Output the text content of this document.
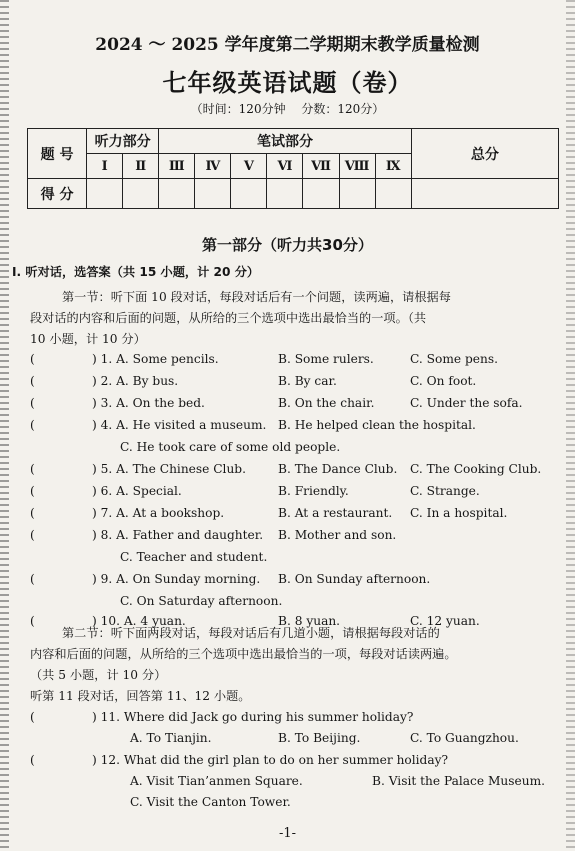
2024 ～ 2025 学年度第二学期期末教学质量检测
七年级英语试题（卷）
（时间：120分钟 分数：120分）
题 号	听力部分		笔试部分							总分
	Ⅰ	Ⅱ	Ⅲ	Ⅳ	Ⅴ	Ⅵ	Ⅶ	Ⅷ	Ⅸ	
得 分										
第一部分（听力共30分）
Ⅰ. 听对话，选答案（共 15 小题，计 20 分）
第一节：听下面 10 段对话，每段对话后有一个问题，读两遍，请根据每
段对话的内容和后面的问题，从所给的三个选项中选出最恰当的一项。（共
10 小题，计 10 分）
(	) 1. A. Some pencils.	B. Some rulers.	C. Some pens.
(	) 2. A. By bus.	B. By car.	C. On foot.
(	) 3. A. On the bed.	B. On the chair.	C. Under the sofa.
(	) 4. A. He visited a museum. B. He helped clean the hospital.
C. He took care of some old people.
(	) 5. A. The Chinese Club.	B. The Dance Club. C. The Cooking Club.
(	) 6. A. Special.	B. Friendly.	C. Strange.
(	) 7. A. At a bookshop.	B. At a restaurant. C. In a hospital.
(	) 8. A. Father and daughter. B. Mother and son.
C. Teacher and student.
(	) 9. A. On Sunday morning. B. On Sunday afternoon.
C. On Saturday afternoon.
(	) 10. A. 4 yuan.	B. 8 yuan.	C. 12 yuan.
第二节：听下面两段对话，每段对话后有几道小题，请根据每段对话的
内容和后面的问题，从所给的三个选项中选出最恰当的一项，每段对话读两遍。
（共 5 小题，计 10 分）
听第 11 段对话，回答第 11、12 小题。
(	) 11. Where did Jack go during his summer holiday?
A. To Tianjin.	B. To Beijing.	C. To Guangzhou.
(	) 12. What did the girl plan to do on her summer holiday?
A. Visit Tian’anmen Square.	B. Visit the Palace Museum.
C. Visit the Canton Tower.
-1-
